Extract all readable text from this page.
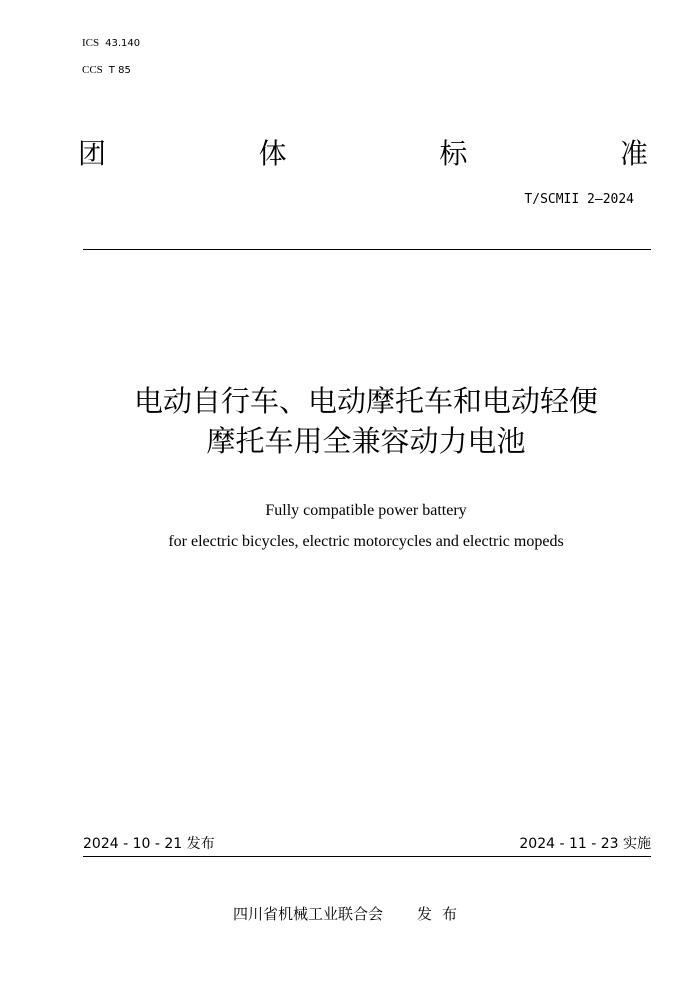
ICS 43.140
CCS T 85
团	体	标	准
T/SCMII 2—2024
电动自行车、电动摩托车和电动轻便
摩托车用全兼容动力电池
Fully compatible power battery
for electric bicycles, electric motorcycles and electric mopeds
2024 - 10 - 21 发布	2024 - 11 - 23 实施
四川省机械工业联合会 发布
